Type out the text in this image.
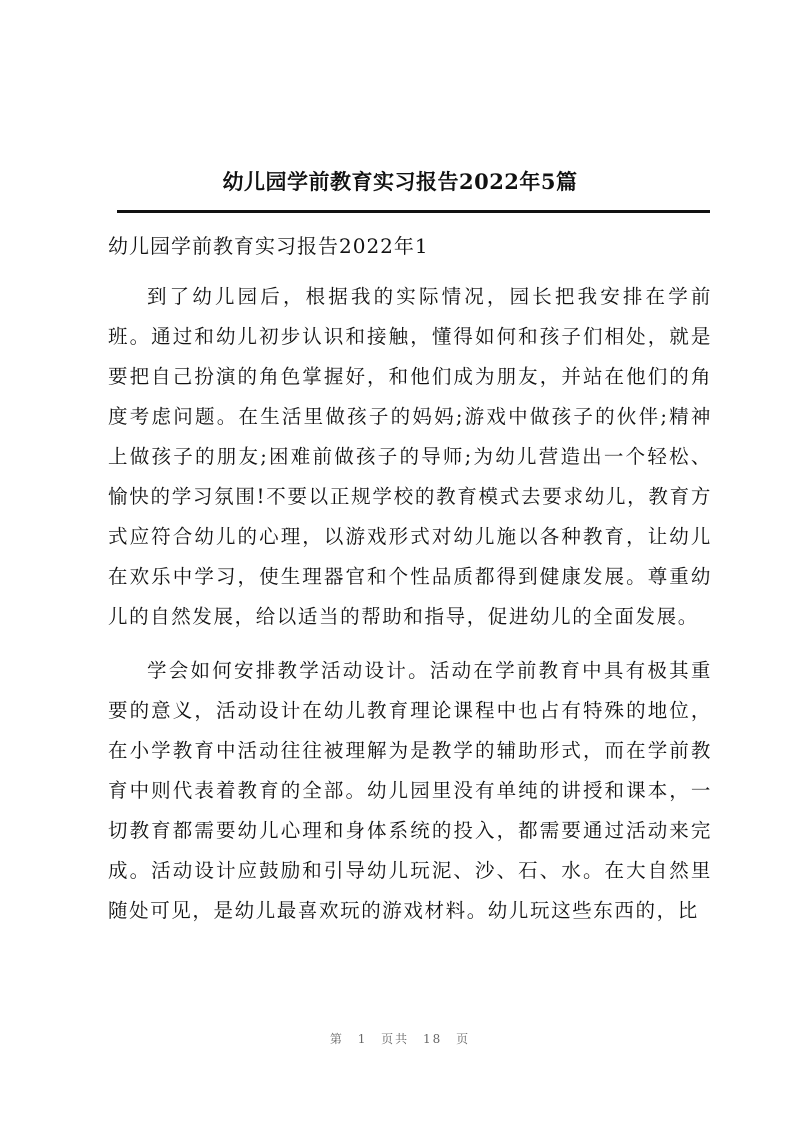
幼儿园学前教育实习报告2022年5篇
幼儿园学前教育实习报告2022年1

到了幼儿园后，根据我的实际情况，园长把我安排在学前班。通过和幼儿初步认识和接触，懂得如何和孩子们相处，就是要把自己扮演的角色掌握好，和他们成为朋友，并站在他们的角度考虑问题。在生活里做孩子的妈妈;游戏中做孩子的伙伴;精神上做孩子的朋友;困难前做孩子的导师;为幼儿营造出一个轻松、愉快的学习氛围!不要以正规学校的教育模式去要求幼儿，教育方式应符合幼儿的心理，以游戏形式对幼儿施以各种教育，让幼儿在欢乐中学习，使生理器官和个性品质都得到健康发展。尊重幼儿的自然发展，给以适当的帮助和指导，促进幼儿的全面发展。

学会如何安排教学活动设计。活动在学前教育中具有极其重要的意义，活动设计在幼儿教育理论课程中也占有特殊的地位，在小学教育中活动往往被理解为是教学的辅助形式，而在学前教育中则代表着教育的全部。幼儿园里没有单纯的讲授和课本，一切教育都需要幼儿心理和身体系统的投入，都需要通过活动来完成。活动设计应鼓励和引导幼儿玩泥、沙、石、水。在大自然里随处可见，是幼儿最喜欢玩的游戏材料。幼儿玩这些东西的，比

第 1 页共 18 页
